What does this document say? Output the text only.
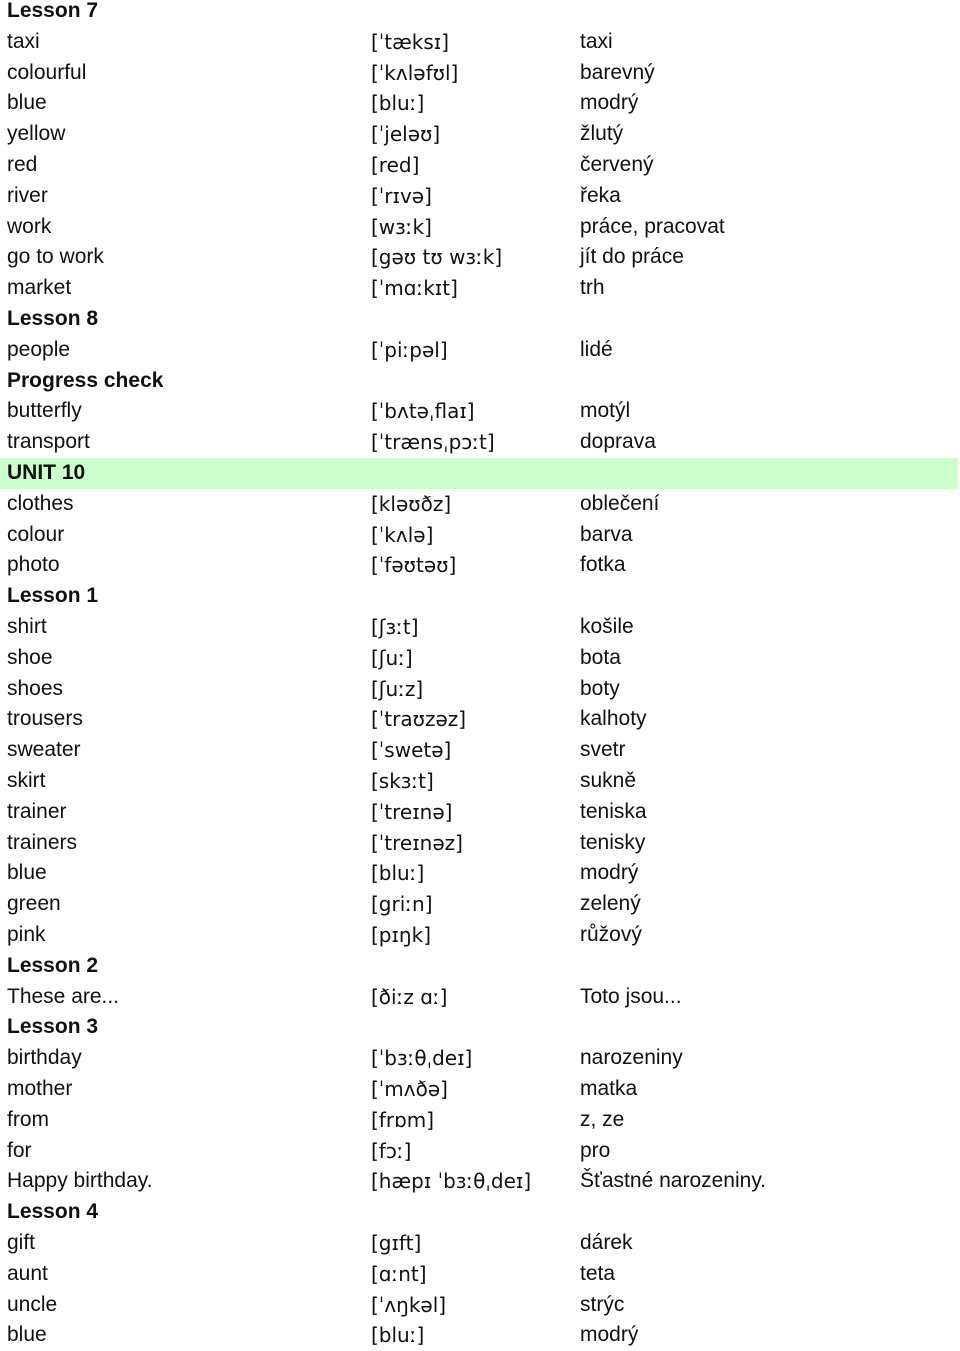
Lesson 7
taxi	[ˈtæksɪ]	taxi
colourful	[ˈkʌləfʊl]	barevný
blue	[bluː]	modrý
yellow	[ˈjeləʊ]	žlutý
red	[red]	červený
river	[ˈrɪvə]	řeka
work	[wɜːk]	práce, pracovat
go to work	[gəʊ tʊ wɜːk]	jít do práce
market	[ˈmɑːkɪt]	trh
Lesson 8
people	[ˈpiːpəl]	lidé
Progress check
butterfly	[ˈbʌtəˌflaɪ]	motýl
transport	[ˈtrænsˌpɔːt]	doprava
UNIT 10
clothes	[kləʊðz]	oblečení
colour	[ˈkʌlə]	barva
photo	[ˈfəʊtəʊ]	fotka
Lesson 1
shirt	[ʃɜːt]	košile
shoe	[ʃuː]	bota
shoes	[ʃuːz]	boty
trousers	[ˈtraʊzəz]	kalhoty
sweater	[ˈswetə]	svetr
skirt	[skɜːt]	sukně
trainer	[ˈtreɪnə]	teniska
trainers	[ˈtreɪnəz]	tenisky
blue	[bluː]	modrý
green	[griːn]	zelený
pink	[pɪŋk]	růžový
Lesson 2
These are...	[ðiːz ɑː]	Toto jsou...
Lesson 3
birthday	[ˈbɜːθˌdeɪ]	narozeniny
mother	[ˈmʌðə]	matka
from	[frɒm]	z, ze
for	[fɔː]	pro
Happy birthday.	[hæpɪ ˈbɜːθˌdeɪ] Šťastné narozeniny.
Lesson 4
gift	[gɪft]	dárek
aunt	[ɑːnt]	teta
uncle	[ˈʌŋkəl]	strýc
blue	[bluː]	modrý
